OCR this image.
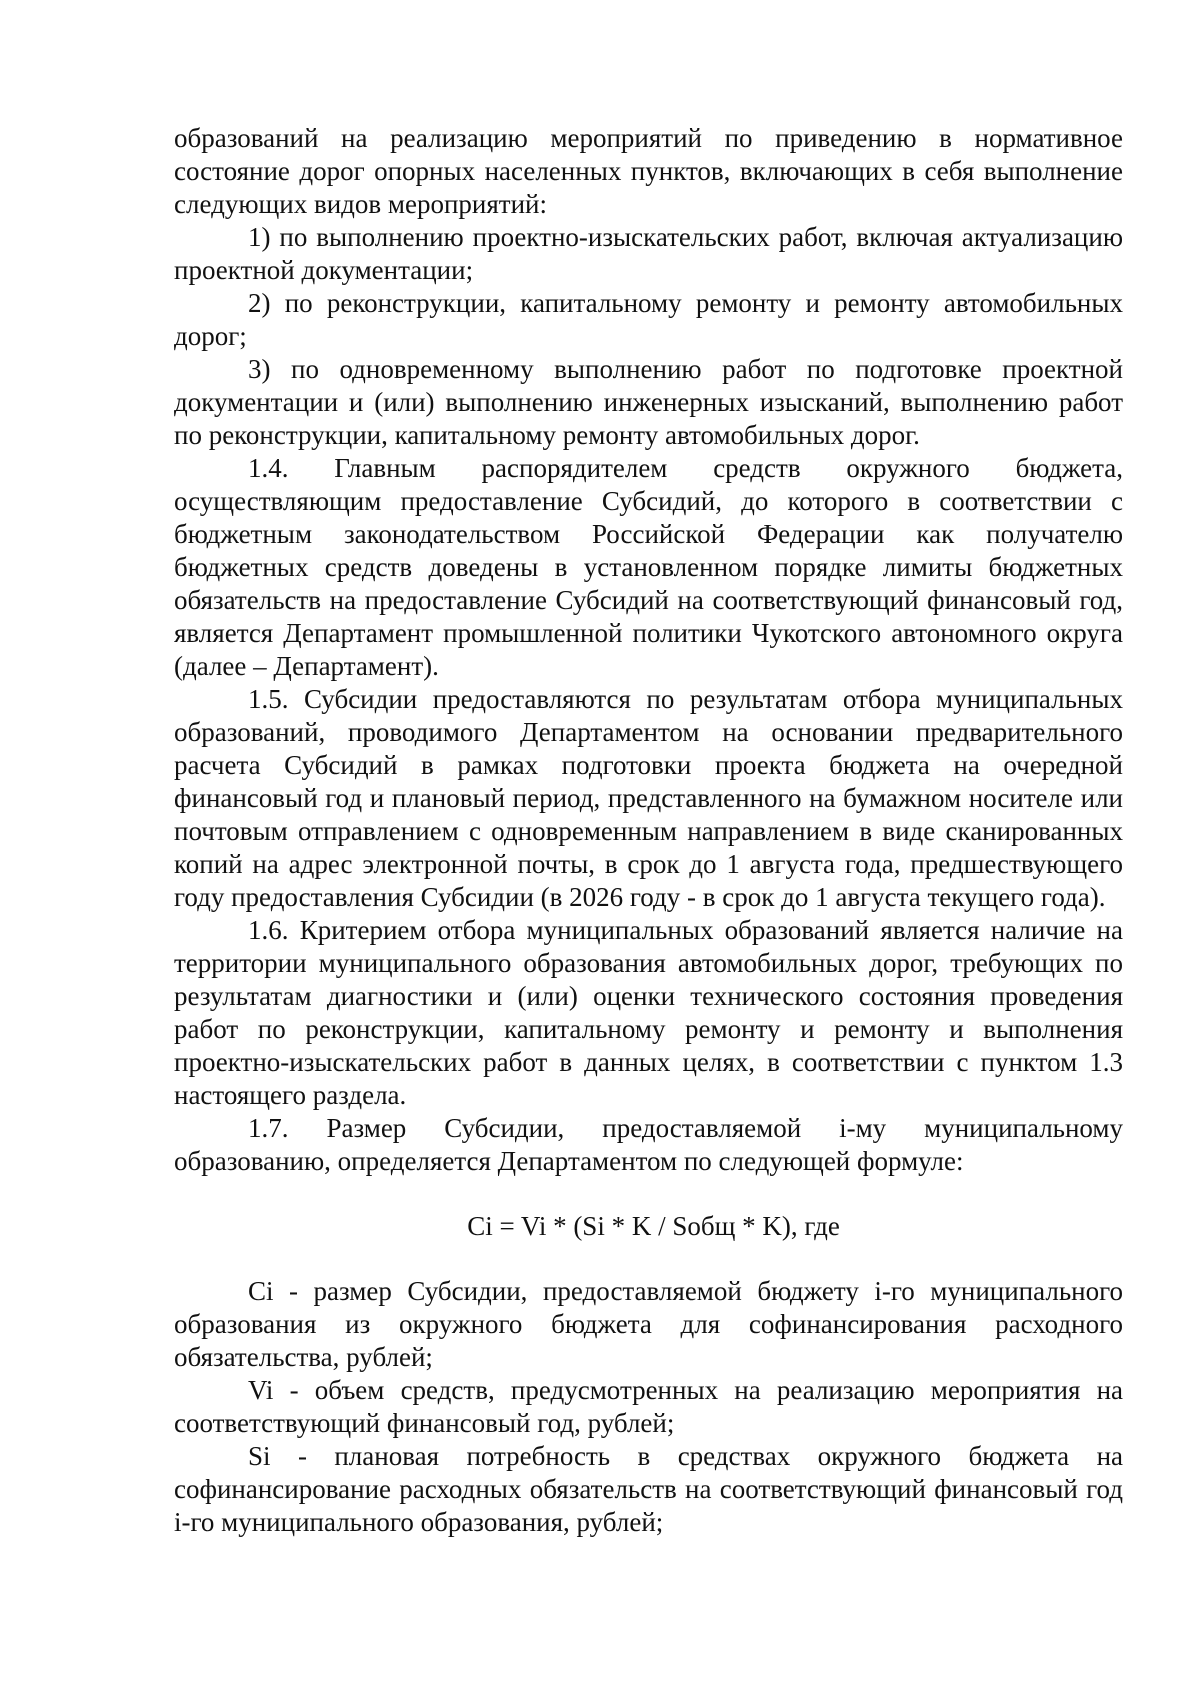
образований на реализацию мероприятий по приведению в нормативное состояние дорог опорных населенных пунктов, включающих в себя выполнение следующих видов мероприятий:

1) по выполнению проектно-изыскательских работ, включая актуализацию проектной документации;

2) по реконструкции, капитальному ремонту и ремонту автомобильных дорог;

3) по одновременному выполнению работ по подготовке проектной документации и (или) выполнению инженерных изысканий, выполнению работ по реконструкции, капитальному ремонту автомобильных дорог.

1.4. Главным распорядителем средств окружного бюджета, осуществляющим предоставление Субсидий, до которого в соответствии с бюджетным законодательством Российской Федерации как получателю бюджетных средств доведены в установленном порядке лимиты бюджетных обязательств на предоставление Субсидий на соответствующий финансовый год, является Департамент промышленной политики Чукотского автономного округа (далее – Департамент).

1.5. Субсидии предоставляются по результатам отбора муниципальных образований, проводимого Департаментом на основании предварительного расчета Субсидий в рамках подготовки проекта бюджета на очередной финансовый год и плановый период, представленного на бумажном носителе или почтовым отправлением с одновременным направлением в виде сканированных копий на адрес электронной почты, в срок до 1 августа года, предшествующего году предоставления Субсидии (в 2026 году - в срок до 1 августа текущего года).

1.6. Критерием отбора муниципальных образований является наличие на территории муниципального образования автомобильных дорог, требующих по результатам диагностики и (или) оценки технического состояния проведения работ по реконструкции, капитальному ремонту и ремонту и выполнения проектно-изыскательских работ в данных целях, в соответствии с пунктом 1.3 настоящего раздела.

1.7. Размер Субсидии, предоставляемой i-му муниципальному образованию, определяется Департаментом по следующей формуле:

Ci = Vi * (Si * K / Sобщ * K), где

Ci - размер Субсидии, предоставляемой бюджету i-го муниципального образования из окружного бюджета для софинансирования расходного обязательства, рублей;

Vi - объем средств, предусмотренных на реализацию мероприятия на соответствующий финансовый год, рублей;

Si - плановая потребность в средствах окружного бюджета на софинансирование расходных обязательств на соответствующий финансовый год i-го муниципального образования, рублей;
